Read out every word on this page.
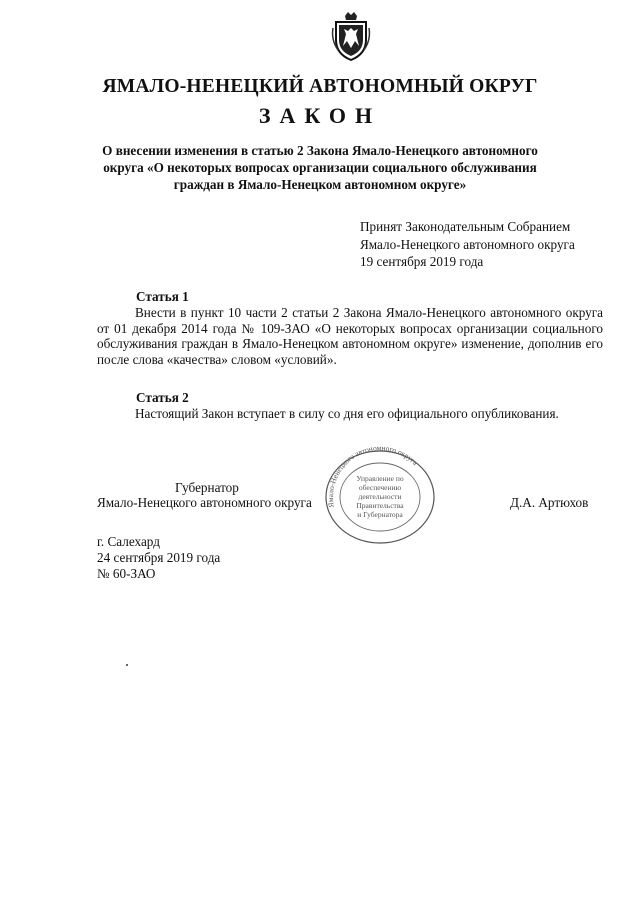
ЯМАЛО-НЕНЕЦКИЙ АВТОНОМНЫЙ ОКРУГ
ЗАКОН
О внесении изменения в статью 2 Закона Ямало-Ненецкого автономного
округа «О некоторых вопросах организации социального обслуживания
граждан в Ямало-Ненецком автономном округе»
Принят Законодательным Собранием
Ямало-Ненецкого автономного округа
19 сентября 2019 года
Статья 1
Внести в пункт 10 части 2 статьи 2 Закона Ямало-Ненецкого автономного округа от 01 декабря 2014 года № 109-ЗАО «О некоторых вопросах организации социального обслуживания граждан в Ямало-Ненецком автономном округе» изменение, дополнив его после слова «качества» словом «условий».
Статья 2
Настоящий Закон вступает в силу со дня его официального опубликования.
Губернатор
Ямало-Ненецкого автономного округа	Д.А. Артюхов
Ямало-Ненецкого автономного округа
Управление по
обеспечению
деятельности
Правительства
и Губернатора
г. Салехард
24 сентября 2019 года
№ 60-ЗАО
